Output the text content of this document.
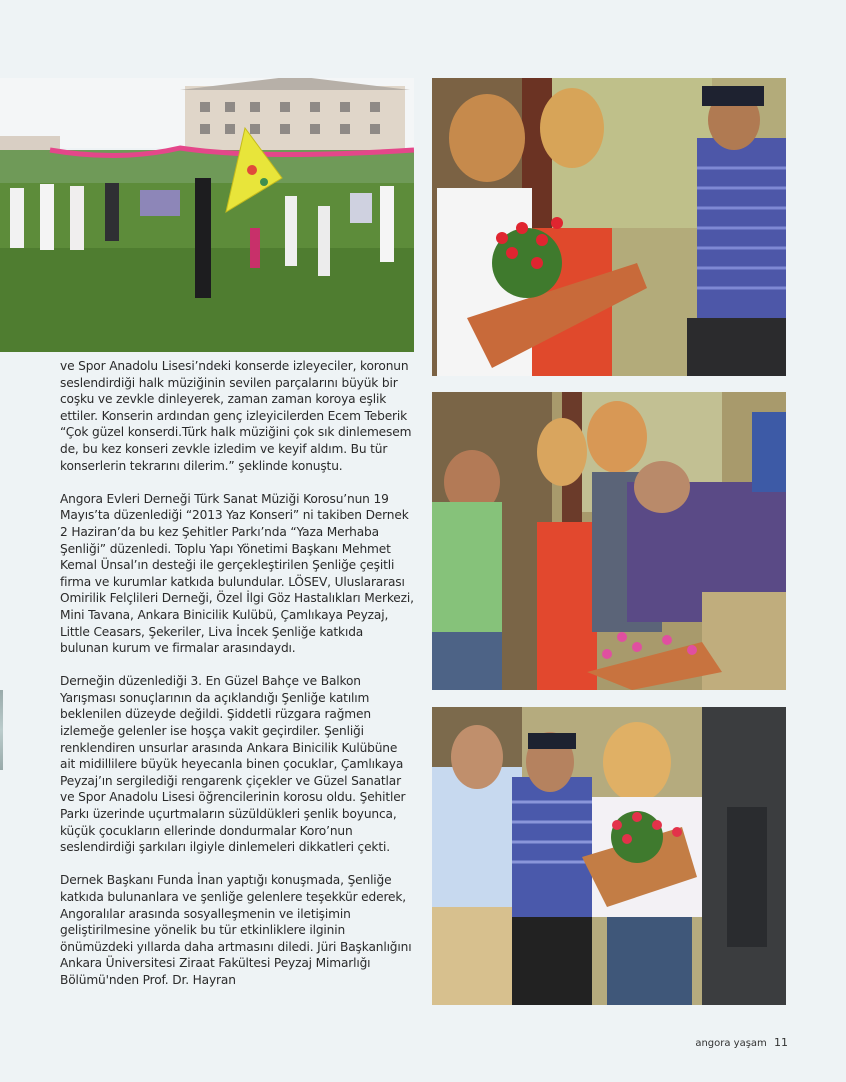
ve Spor Anadolu Lisesi’ndeki konserde izleyeciler, koronun seslendirdiği halk müziğinin sevilen parçalarını büyük bir coşku ve zevkle dinleyerek, zaman zaman koroya eşlik ettiler. Konserin ardından genç izleyicilerden Ecem Teberik “Çok güzel konserdi.Türk halk müziğini çok sık dinlemesem de, bu kez konseri zevkle izledim ve keyif aldım. Bu tür konserlerin tekrarını dilerim.” şeklinde konuştu.

Angora Evleri Derneği Türk Sanat Müziği Korosu’nun 19 Mayıs’ta düzenlediği “2013 Yaz Konseri” ni takiben Dernek 2 Haziran’da bu kez Şehitler Parkı’nda “Yaza Merhaba Şenliği” düzenledi. Toplu Yapı Yönetimi Başkanı Mehmet Kemal Ünsal’ın desteği ile gerçekleştirilen Şenliğe çeşitli firma ve kurumlar katkıda bulundular. LÖSEV, Uluslararası Omirilik Felçlileri Derneği, Özel İlgi Göz Hastalıkları Merkezi, Mini Tavana, Ankara Binicilik Kulübü, Çamlıkaya Peyzaj, Little Ceasars, Şekeriler, Liva İncek Şenliğe katkıda bulunan kurum ve firmalar arasındaydı.

Derneğin düzenlediği 3. En Güzel Bahçe ve Balkon Yarışması sonuçlarının da açıklandığı Şenliğe katılım beklenilen düzeyde değildi. Şiddetli rüzgara rağmen izlemeğe gelenler ise hoşça vakit geçirdiler. Şenliği renklendiren unsurlar arasında Ankara Binicilik Kulübüne ait midillilere büyük heyecanla binen çocuklar, Çamlıkaya Peyzaj’ın sergilediği rengarenk çiçekler ve Güzel Sanatlar ve Spor Anadolu Lisesi öğrencilerinin korosu oldu. Şehitler Parkı üzerinde uçurtmaların süzüldükleri şenlik boyunca, küçük çocukların ellerinde dondurmalar Koro’nun seslendirdiği şarkıları ilgiyle dinlemeleri dikkatleri çekti.

Dernek Başkanı Funda İnan yaptığı konuşmada, Şenliğe katkıda bulunanlara ve şenliğe gelenlere teşekkür ederek, Angoralılar arasında sosyalleşmenin ve iletişimin geliştirilmesine yönelik bu tür etkinliklere ilginin önümüzdeki yıllarda daha artmasını diledi. Jüri Başkanlığını Ankara Üniversitesi Ziraat Fakültesi Peyzaj Mimarlığı Bölümü'nden Prof. Dr. Hayran

angora yaşam 11
